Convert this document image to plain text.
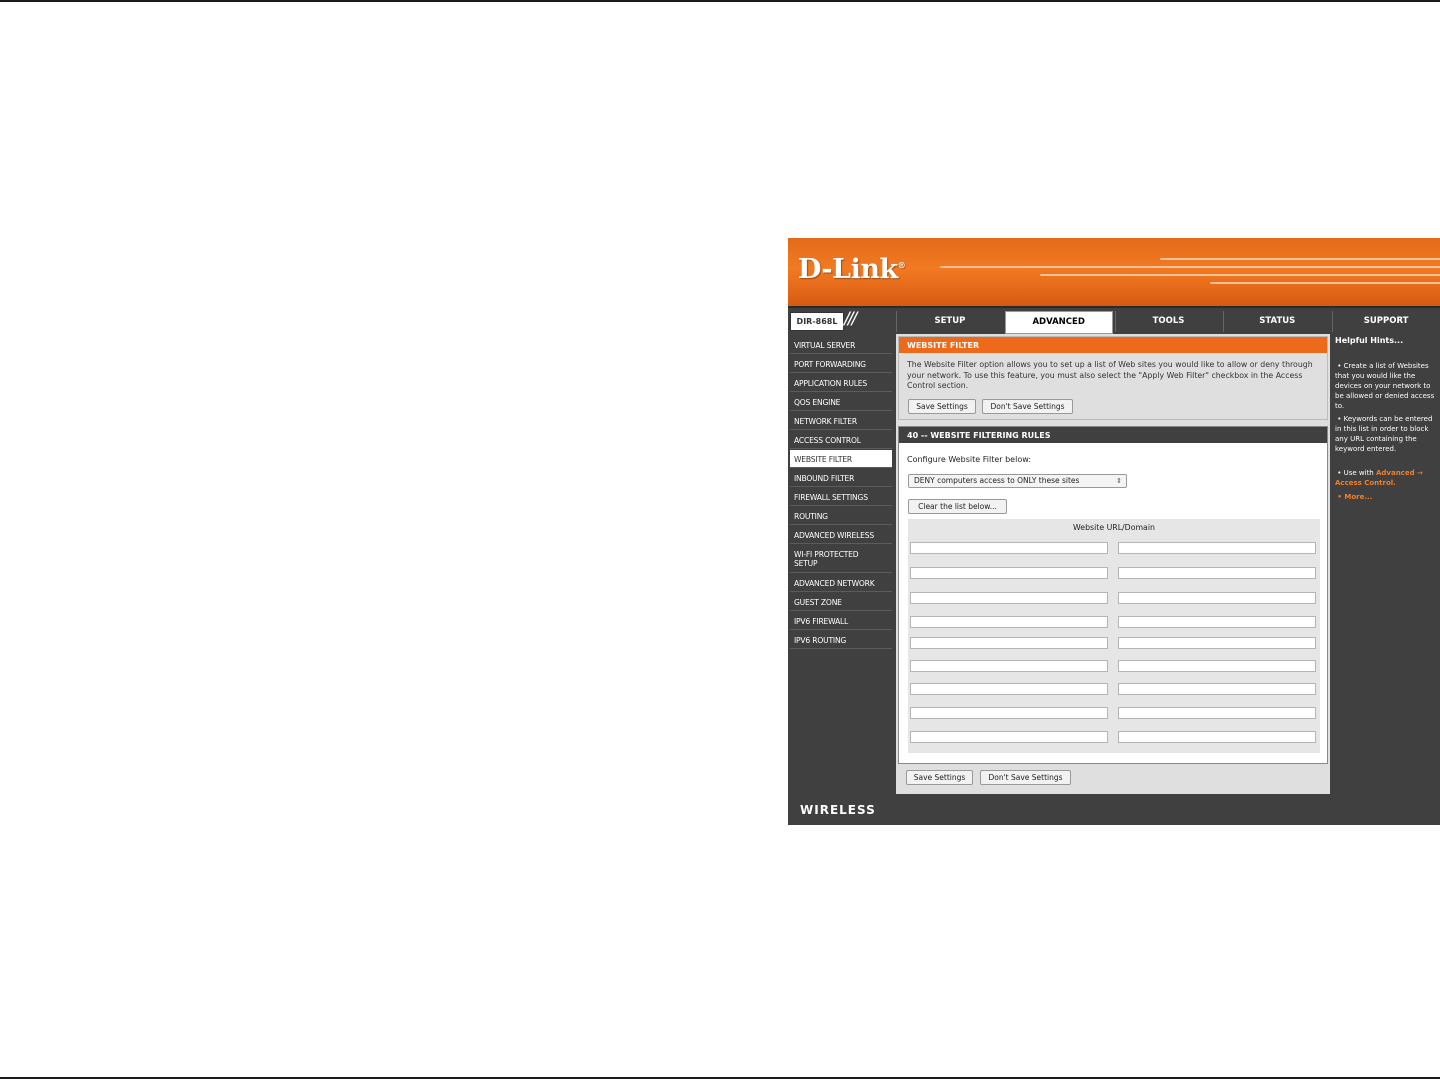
D-Link®
DIR-868L ///	SETUP	ADVANCED	TOOLS	STATUS	SUPPORT
VIRTUAL SERVER
PORT FORWARDING
APPLICATION RULES
QOS ENGINE
NETWORK FILTER
ACCESS CONTROL
WEBSITE FILTER
INBOUND FILTER
FIREWALL SETTINGS
ROUTING
ADVANCED WIRELESS
WI-FI PROTECTED SETUP
ADVANCED NETWORK
GUEST ZONE
IPV6 FIREWALL
IPV6 ROUTING
WEBSITE FILTER
The Website Filter option allows you to set up a list of Web sites you would like to allow or deny through your network. To use this feature, you must also select the "Apply Web Filter" checkbox in the Access Control section.
Save Settings	Don't Save Settings
40 -- WEBSITE FILTERING RULES
Configure Website Filter below:
DENY computers access to ONLY these sites	⇕
Clear the list below...
Website URL/Domain
Save Settings	Don't Save Settings
Helpful Hints...
• Create a list of Websites that you would like the devices on your network to be allowed or denied access to.
• Keywords can be entered in this list in order to block any URL containing the keyword entered.
• Use with Advanced → Access Control.
• More...
WIRELESS
